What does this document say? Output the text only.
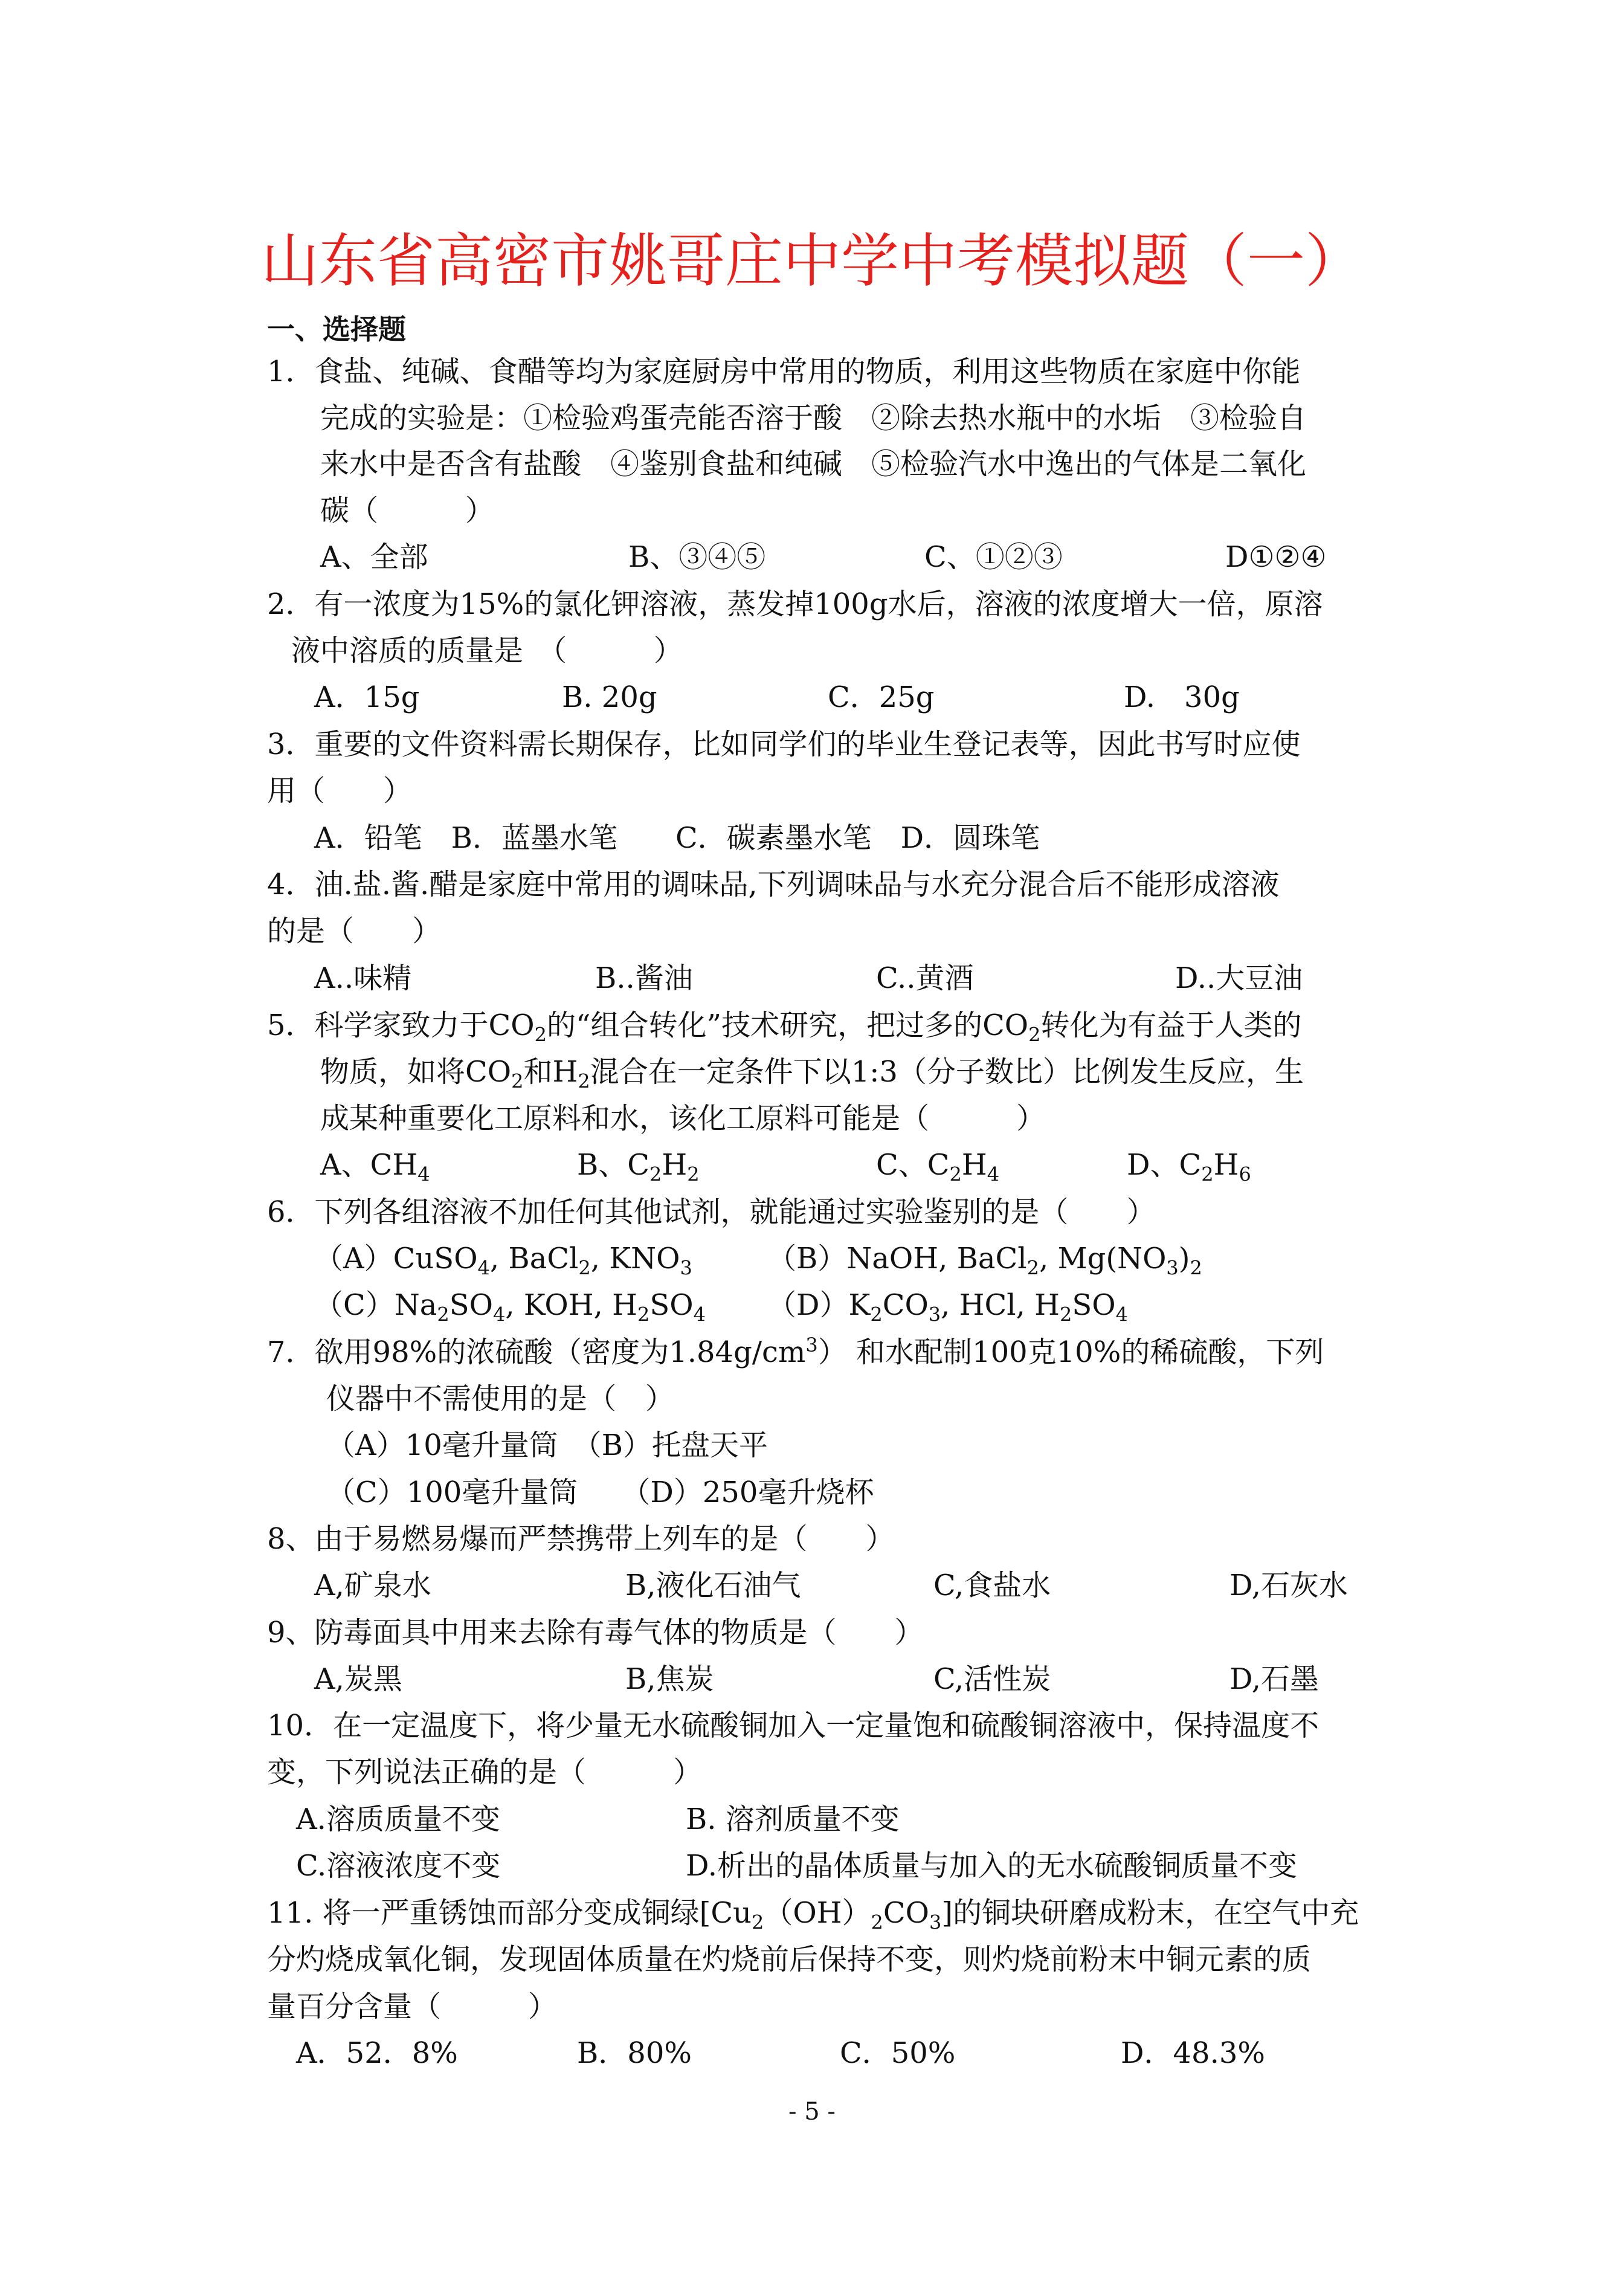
山东省高密市姚哥庄中学中考模拟题（一）
一、选择题
1．食盐、纯碱、食醋等均为家庭厨房中常用的物质，利用这些物质在家庭中你能
完成的实验是：①检验鸡蛋壳能否溶于酸　②除去热水瓶中的水垢　③检验自
来水中是否含有盐酸　④鉴别食盐和纯碱　⑤检验汽水中逸出的气体是二氧化
碳（　　　）
A、全部	B、③④⑤	C、①②③	D①②④
2．有一浓度为15%的氯化钾溶液，蒸发掉100g水后，溶液的浓度增大一倍，原溶
液中溶质的质量是　（　　　）
A．15g	B. 20g	C．25g	D.　30g
3．重要的文件资料需长期保存，比如同学们的毕业生登记表等，因此书写时应使
用（　　）
A．铅笔　B．蓝墨水笔　　C．碳素墨水笔　D．圆珠笔
4．油.盐.酱.醋是家庭中常用的调味品,下列调味品与水充分混合后不能形成溶液
的是（　　）
A..味精	B..酱油	C..黄酒	D..大豆油
5．科学家致力于$CO_2$的“组合转化”技术研究，把过多的$CO_2$转化为有益于人类的
物质，如将$CO_2$和$H_2$混合在一定条件下以1:3（分子数比）比例发生反应，生
成某种重要化工原料和水，该化工原料可能是（　　　）
A、$CH_4$	B、$C_2H_2$	C、$C_2H_4$	D、$C_2H_6$
6．下列各组溶液不加任何其他试剂，就能通过实验鉴别的是（　　）
（A）CuSO$_4$, BaCl$_2$, $KNO_3$	（B）NaOH, BaCl$_2$, $Mg(NO_3)_2$
$(C)Na_2SO_4$, KOH, $H_2SO_4$ $(D)K_2CO_3$, HCl, $H_2SO_4$
7．欲用98%的浓硫酸（密度为$1.84g/cm^3$） 和水配制100克10%的稀硫酸，下列
仪器中不需使用的是（　）
（A）10毫升量筒　（B）托盘天平
（C）100毫升量筒　　（D）250毫升烧杯
8、由于易燃易爆而严禁携带上列车的是（　　）
A,矿泉水	B,液化石油气	C,食盐水	D,石灰水
9、防毒面具中用来去除有毒气体的物质是（　　）
A,炭黑	B,焦炭	C,活性炭	D,石墨
10．在一定温度下，将少量无水硫酸铜加入一定量饱和硫酸铜溶液中，保持温度不
变，下列说法正确的是（　　　）
A.溶质质量不变	B. 溶剂质量不变
C.溶液浓度不变	D.析出的晶体质量与加入的无水硫酸铜质量不变
11. 将一严重锈蚀而部分变成铜绿$[Cu_2(OH)_2CO_3]$的铜块研磨成粉末，在空气中充
分灼烧成氧化铜，发现固体质量在灼烧前后保持不变，则灼烧前粉末中铜元素的质
量百分含量（　　　）
A．52．8%	B．80%	C．50%	D．48.3%
- 5 -
